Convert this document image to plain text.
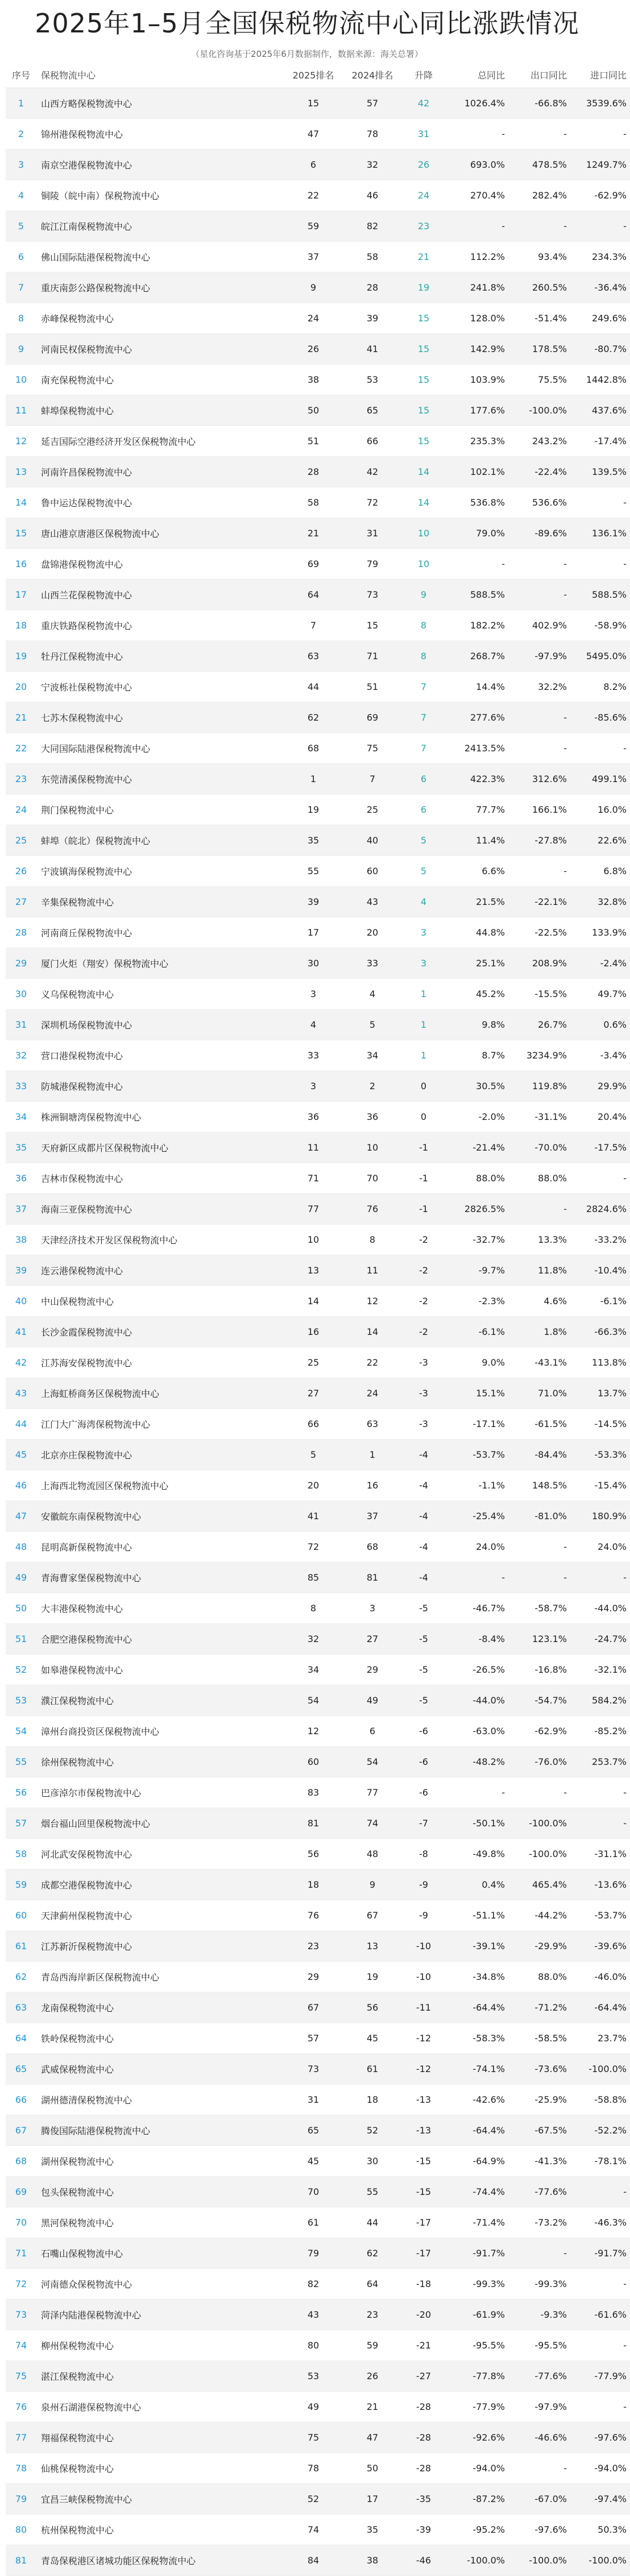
2025年1–5月全国保税物流中心同比涨跌情况
（星化咨询基于2025年6月数据制作，数据来源：海关总署）
序号	保税物流中心	2025排名	2024排名	升降	总同比	出口同比	进口同比
1	山西方略保税物流中心	15	57	42	1026.4%	-66.8%	3539.6%
2	锦州港保税物流中心	47	78	31	-	-	-
3	南京空港保税物流中心	6	32	26	693.0%	478.5%	1249.7%
4	铜陵（皖中南）保税物流中心	22	46	24	270.4%	282.4%	-62.9%
5	皖江江南保税物流中心	59	82	23	-	-	-
6	佛山国际陆港保税物流中心	37	58	21	112.2%	93.4%	234.3%
7	重庆南彭公路保税物流中心	9	28	19	241.8%	260.5%	-36.4%
8	赤峰保税物流中心	24	39	15	128.0%	-51.4%	249.6%
9	河南民权保税物流中心	26	41	15	142.9%	178.5%	-80.7%
10	南充保税物流中心	38	53	15	103.9%	75.5%	1442.8%
11	蚌埠保税物流中心	50	65	15	177.6%	-100.0%	437.6%
12	延吉国际空港经济开发区保税物流中心	51	66	15	235.3%	243.2%	-17.4%
13	河南许昌保税物流中心	28	42	14	102.1%	-22.4%	139.5%
14	鲁中运达保税物流中心	58	72	14	536.8%	536.6%	-
15	唐山港京唐港区保税物流中心	21	31	10	79.0%	-89.6%	136.1%
16	盘锦港保税物流中心	69	79	10	-	-	-
17	山西兰花保税物流中心	64	73	9	588.5%	-	588.5%
18	重庆铁路保税物流中心	7	15	8	182.2%	402.9%	-58.9%
19	牡丹江保税物流中心	63	71	8	268.7%	-97.9%	5495.0%
20	宁波栎社保税物流中心	44	51	7	14.4%	32.2%	8.2%
21	七苏木保税物流中心	62	69	7	277.6%	-	-85.6%
22	大同国际陆港保税物流中心	68	75	7	2413.5%	-	-
23	东莞清溪保税物流中心	1	7	6	422.3%	312.6%	499.1%
24	荆门保税物流中心	19	25	6	77.7%	166.1%	16.0%
25	蚌埠（皖北）保税物流中心	35	40	5	11.4%	-27.8%	22.6%
26	宁波镇海保税物流中心	55	60	5	6.6%	-	6.8%
27	辛集保税物流中心	39	43	4	21.5%	-22.1%	32.8%
28	河南商丘保税物流中心	17	20	3	44.8%	-22.5%	133.9%
29	厦门火炬（翔安）保税物流中心	30	33	3	25.1%	208.9%	-2.4%
30	义乌保税物流中心	3	4	1	45.2%	-15.5%	49.7%
31	深圳机场保税物流中心	4	5	1	9.8%	26.7%	0.6%
32	营口港保税物流中心	33	34	1	8.7%	3234.9%	-3.4%
33	防城港保税物流中心	3	2	0	30.5%	119.8%	29.9%
34	株洲铜塘湾保税物流中心	36	36	0	-2.0%	-31.1%	20.4%
35	天府新区成都片区保税物流中心	11	10	-1	-21.4%	-70.0%	-17.5%
36	吉林市保税物流中心	71	70	-1	88.0%	88.0%	-
37	海南三亚保税物流中心	77	76	-1	2826.5%	-	2824.6%
38	天津经济技术开发区保税物流中心	10	8	-2	-32.7%	13.3%	-33.2%
39	连云港保税物流中心	13	11	-2	-9.7%	11.8%	-10.4%
40	中山保税物流中心	14	12	-2	-2.3%	4.6%	-6.1%
41	长沙金霞保税物流中心	16	14	-2	-6.1%	1.8%	-66.3%
42	江苏海安保税物流中心	25	22	-3	9.0%	-43.1%	113.8%
43	上海虹桥商务区保税物流中心	27	24	-3	15.1%	71.0%	13.7%
44	江门大广海湾保税物流中心	66	63	-3	-17.1%	-61.5%	-14.5%
45	北京亦庄保税物流中心	5	1	-4	-53.7%	-84.4%	-53.3%
46	上海西北物流园区保税物流中心	20	16	-4	-1.1%	148.5%	-15.4%
47	安徽皖东南保税物流中心	41	37	-4	-25.4%	-81.0%	180.9%
48	昆明高新保税物流中心	72	68	-4	24.0%	-	24.0%
49	青海曹家堡保税物流中心	85	81	-4	-	-	-
50	大丰港保税物流中心	8	3	-5	-46.7%	-58.7%	-44.0%
51	合肥空港保税物流中心	32	27	-5	-8.4%	123.1%	-24.7%
52	如皋港保税物流中心	34	29	-5	-26.5%	-16.8%	-32.1%
53	濮江保税物流中心	54	49	-5	-44.0%	-54.7%	584.2%
54	漳州台商投资区保税物流中心	12	6	-6	-63.0%	-62.9%	-85.2%
55	徐州保税物流中心	60	54	-6	-48.2%	-76.0%	253.7%
56	巴彦淖尔市保税物流中心	83	77	-6	-	-	-
57	烟台福山回里保税物流中心	81	74	-7	-50.1%	-100.0%	-
58	河北武安保税物流中心	56	48	-8	-49.8%	-100.0%	-31.1%
59	成都空港保税物流中心	18	9	-9	0.4%	465.4%	-13.6%
60	天津蓟州保税物流中心	76	67	-9	-51.1%	-44.2%	-53.7%
61	江苏新沂保税物流中心	23	13	-10	-39.1%	-29.9%	-39.6%
62	青岛西海岸新区保税物流中心	29	19	-10	-34.8%	88.0%	-46.0%
63	龙南保税物流中心	67	56	-11	-64.4%	-71.2%	-64.4%
64	铁岭保税物流中心	57	45	-12	-58.3%	-58.5%	23.7%
65	武威保税物流中心	73	61	-12	-74.1%	-73.6%	-100.0%
66	湖州德清保税物流中心	31	18	-13	-42.6%	-25.9%	-58.8%
67	腾俊国际陆港保税物流中心	65	52	-13	-64.4%	-67.5%	-52.2%
68	湖州保税物流中心	45	30	-15	-64.9%	-41.3%	-78.1%
69	包头保税物流中心	70	55	-15	-74.4%	-77.6%	-
70	黑河保税物流中心	61	44	-17	-71.4%	-73.2%	-46.3%
71	石嘴山保税物流中心	79	62	-17	-91.7%	-	-91.7%
72	河南德众保税物流中心	82	64	-18	-99.3%	-99.3%	-
73	菏泽内陆港保税物流中心	43	23	-20	-61.9%	-9.3%	-61.6%
74	柳州保税物流中心	80	59	-21	-95.5%	-95.5%	-
75	湛江保税物流中心	53	26	-27	-77.8%	-77.6%	-77.9%
76	泉州石湖港保税物流中心	49	21	-28	-77.9%	-97.9%	-
77	翔福保税物流中心	75	47	-28	-92.6%	-46.6%	-97.6%
78	仙桃保税物流中心	78	50	-28	-94.0%	-	-94.0%
79	宜昌三峡保税物流中心	52	17	-35	-87.2%	-67.0%	-97.4%
80	杭州保税物流中心	74	35	-39	-95.2%	-97.6%	50.3%
81	青岛保税港区诸城功能区保税物流中心	84	38	-46	-100.0%	-100.0%	-100.0%
